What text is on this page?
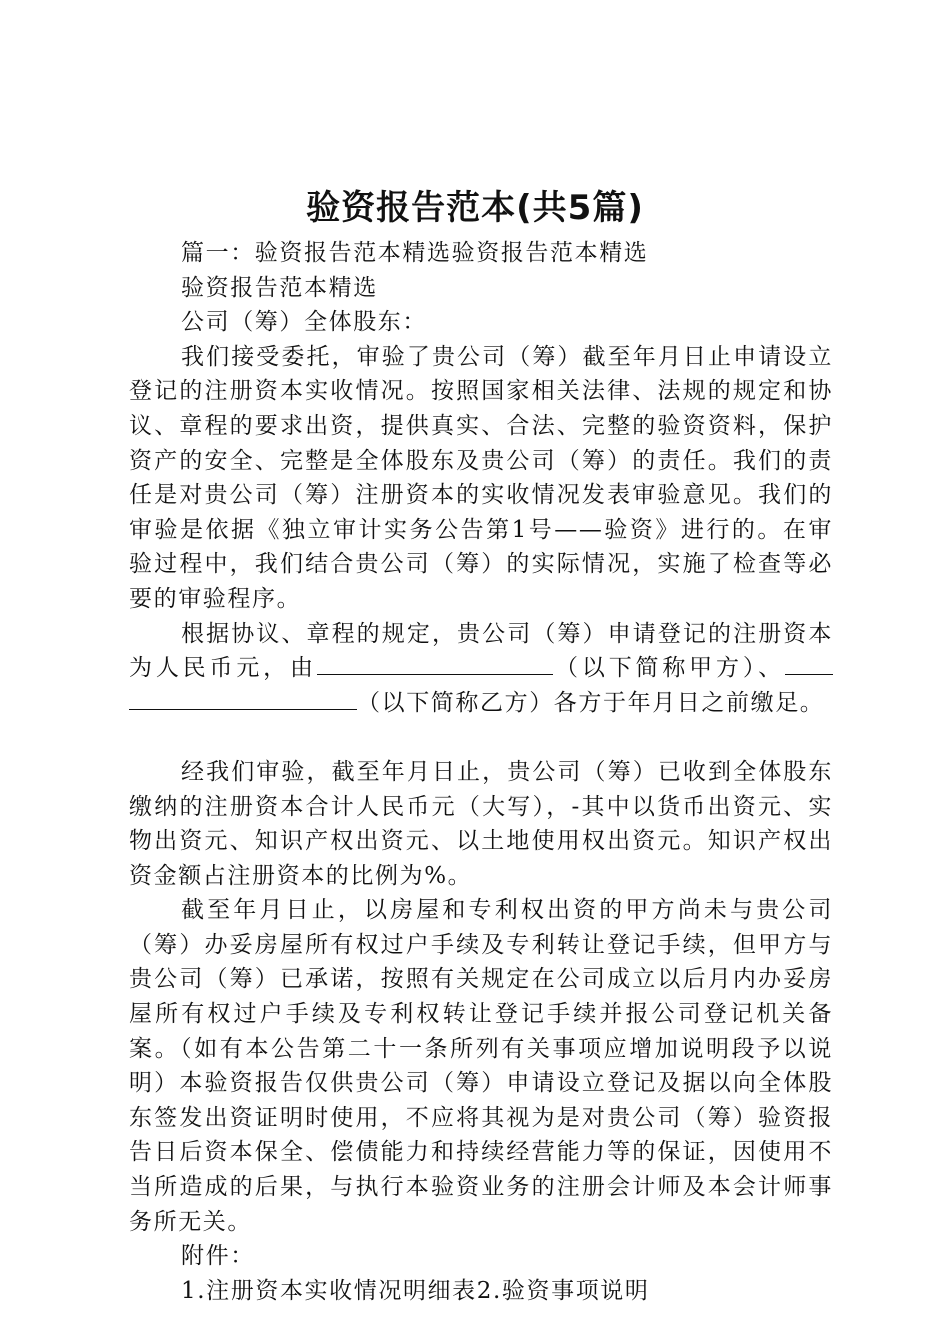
验资报告范本(共5篇)

篇一：验资报告范本精选验资报告范本精选

验资报告范本精选

公司（筹）全体股东：

我们接受委托，审验了贵公司（筹）截至年月日止申请设立登记的注册资本实收情况。按照国家相关法律、法规的规定和协议、章程的要求出资，提供真实、合法、完整的验资资料，保护资产的安全、完整是全体股东及贵公司（筹）的责任。我们的责任是对贵公司（筹）注册资本的实收情况发表审验意见。我们的审验是依据《独立审计实务公告第1号——验资》进行的。在审验过程中，我们结合贵公司（筹）的实际情况，实施了检查等必要的审验程序。

根据协议、章程的规定，贵公司（筹）申请登记的注册资本为人民币元，由	（以下简称甲方）、（以下简称乙方）各方于年月日之前缴足。

经我们审验，截至年月日止，贵公司（筹）已收到全体股东缴纳的注册资本合计人民币元（大写），-其中以货币出资元、实物出资元、知识产权出资元、以土地使用权出资元。知识产权出资金额占注册资本的比例为%。

截至年月日止，以房屋和专利权出资的甲方尚未与贵公司（筹）办妥房屋所有权过户手续及专利转让登记手续，但甲方与贵公司（筹）已承诺，按照有关规定在公司成立以后月内办妥房屋所有权过户手续及专利权转让登记手续并报公司登记机关备案。（如有本公告第二十一条所列有关事项应增加说明段予以说明）本验资报告仅供贵公司（筹）申请设立登记及据以向全体股东签发出资证明时使用，不应将其视为是对贵公司（筹）验资报告日后资本保全、偿债能力和持续经营能力等的保证，因使用不当所造成的后果，与执行本验资业务的注册会计师及本会计师事务所无关。

附件：

1.注册资本实收情况明细表2.验资事项说明
